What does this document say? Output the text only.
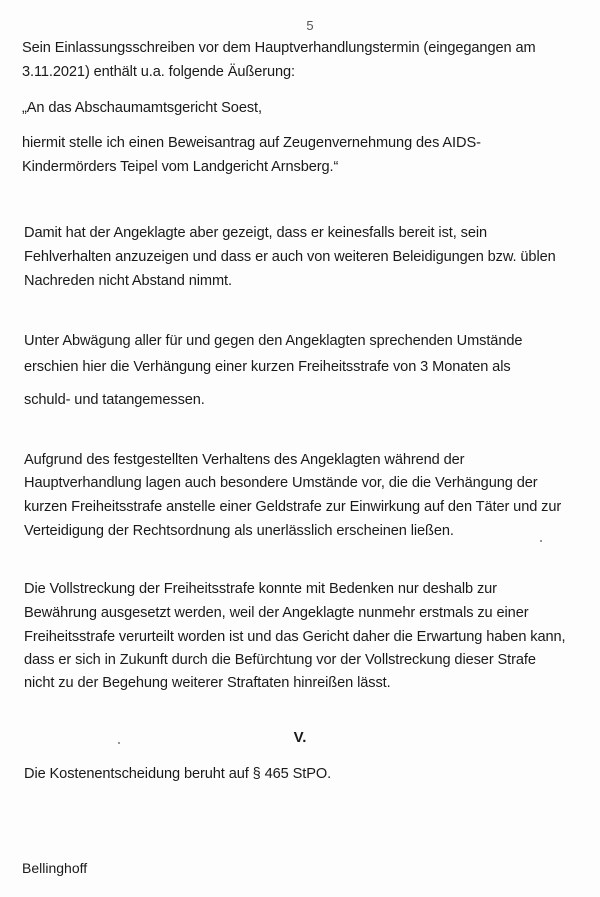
5
Sein Einlassungsschreiben vor dem Hauptverhandlungstermin (eingegangen am
3.11.2021) enthält u.a. folgende Äußerung:
„An das Abschaumamtsgericht Soest,
hiermit stelle ich einen Beweisantrag auf Zeugenvernehmung des AIDS-
Kindermörders Teipel vom Landgericht Arnsberg.“
Damit hat der Angeklagte aber gezeigt, dass er keinesfalls bereit ist, sein
Fehlverhalten anzuzeigen und dass er auch von weiteren Beleidigungen bzw. üblen
Nachreden nicht Abstand nimmt.
Unter Abwägung aller für und gegen den Angeklagten sprechenden Umstände
erschien hier die Verhängung einer kurzen Freiheitsstrafe von 3 Monaten als
schuld- und tatangemessen.
Aufgrund des festgestellten Verhaltens des Angeklagten während der
Hauptverhandlung lagen auch besondere Umstände vor, die die Verhängung der
kurzen Freiheitsstrafe anstelle einer Geldstrafe zur Einwirkung auf den Täter und zur
Verteidigung der Rechtsordnung als unerlässlich erscheinen ließen.
Die Vollstreckung der Freiheitsstrafe konnte mit Bedenken nur deshalb zur
Bewährung ausgesetzt werden, weil der Angeklagte nunmehr erstmals zu einer
Freiheitsstrafe verurteilt worden ist und das Gericht daher die Erwartung haben kann,
dass er sich in Zukunft durch die Befürchtung vor der Vollstreckung dieser Strafe
nicht zu der Begehung weiterer Straftaten hinreißen lässt.
V.
Die Kostenentscheidung beruht auf § 465 StPO.
Bellinghoff
